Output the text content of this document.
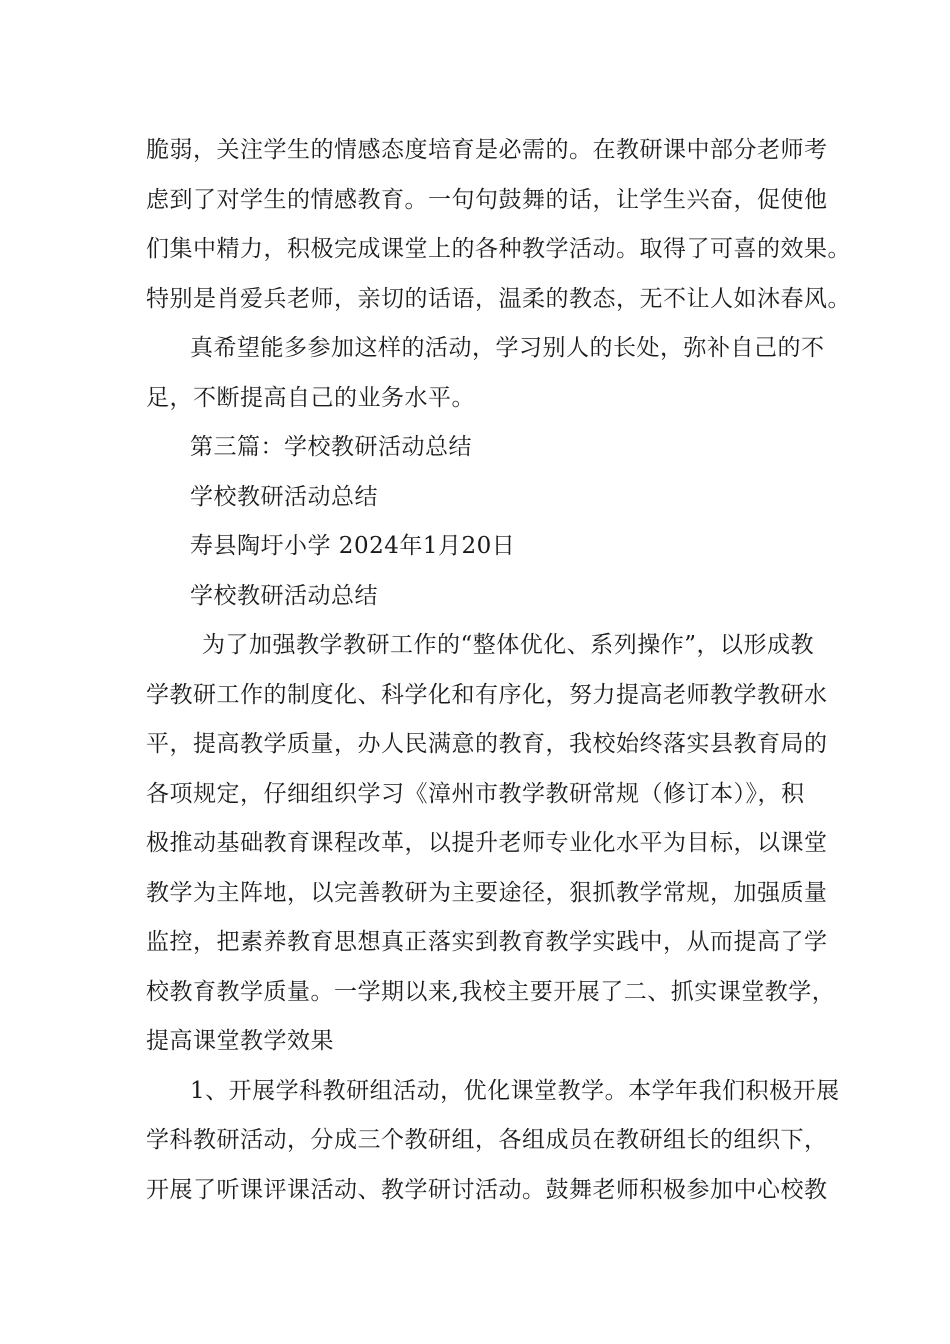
脆弱，关注学生的情感态度培育是必需的。在教研课中部分老师考
虑到了对学生的情感教育。一句句鼓舞的话，让学生兴奋，促使他
们集中精力，积极完成课堂上的各种教学活动。取得了可喜的效果。
特别是肖爱兵老师，亲切的话语，温柔的教态，无不让人如沐春风。
真希望能多参加这样的活动，学习别人的长处，弥补自己的不
足，不断提高自己的业务水平。
第三篇：学校教研活动总结
学校教研活动总结
寿县陶圩小学 2024年1月20日
学校教研活动总结
为了加强教学教研工作的“整体优化、系列操作”，以形成教
学教研工作的制度化、科学化和有序化，努力提高老师教学教研水
平，提高教学质量，办人民满意的教育，我校始终落实县教育局的
各项规定，仔细组织学习《漳州市教学教研常规（修订本）》，积
极推动基础教育课程改革，以提升老师专业化水平为目标，以课堂
教学为主阵地，以完善教研为主要途径，狠抓教学常规，加强质量
监控，把素养教育思想真正落实到教育教学实践中，从而提高了学
校教育教学质量。一学期以来,我校主要开展了二、抓实课堂教学，
提高课堂教学效果
1、开展学科教研组活动，优化课堂教学。本学年我们积极开展
学科教研活动，分成三个教研组，各组成员在教研组长的组织下，
开展了听课评课活动、教学研讨活动。鼓舞老师积极参加中心校教
